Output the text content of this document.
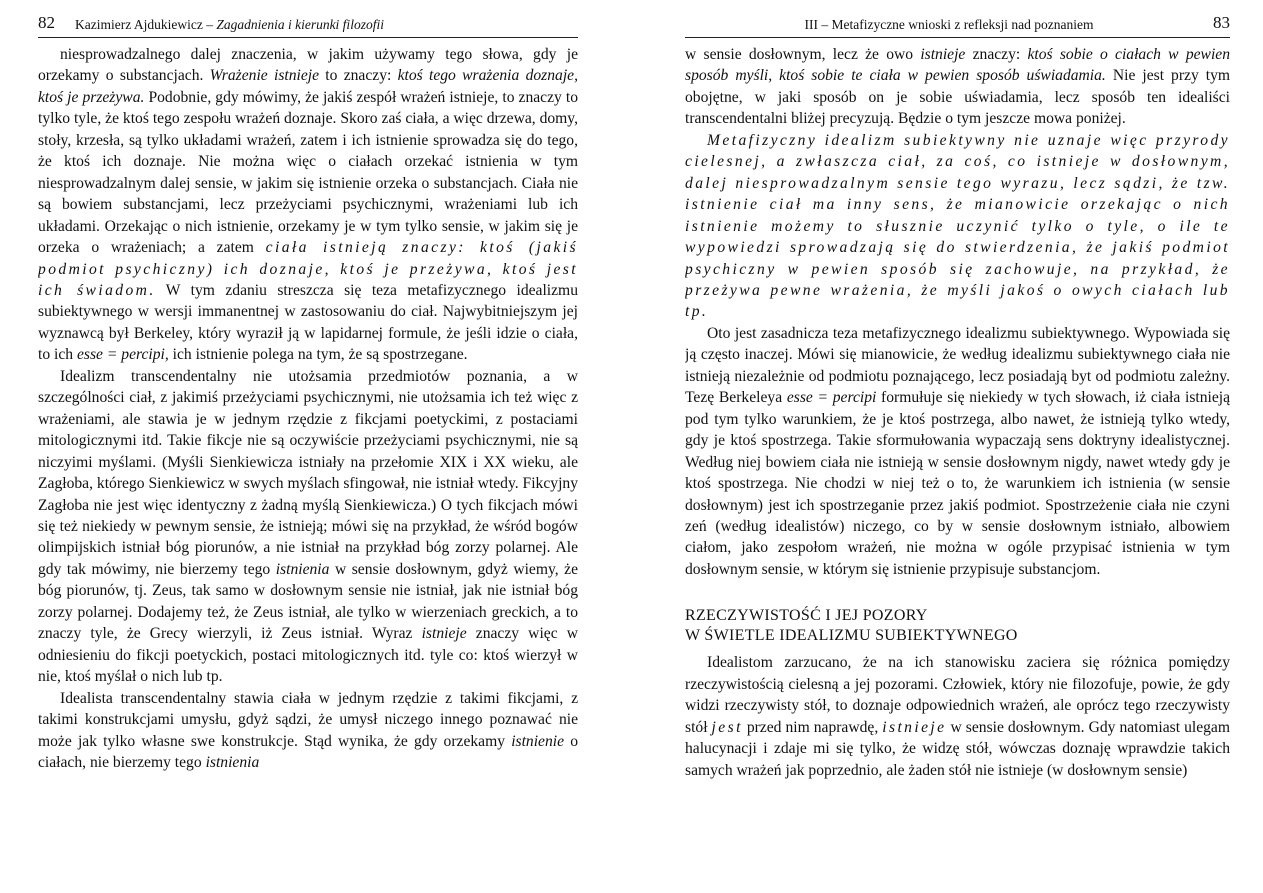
82	Kazimierz Ajdukiewicz – Zagadnienia i kierunki filozofii

niesprowadzalnego dalej znaczenia, w jakim używamy tego słowa, gdy je orzekamy o substancjach. Wrażenie istnieje to znaczy: ktoś tego wrażenia doznaje, ktoś je przeżywa. Podobnie, gdy mówimy, że jakiś zespół wrażeń istnieje, to znaczy to tylko tyle, że ktoś tego zespołu wrażeń doznaje. Skoro zaś ciała, a więc drzewa, domy, stoły, krzesła, są tylko układami wrażeń, zatem i ich istnienie sprowadza się do tego, że ktoś ich doznaje. Nie można więc o ciałach orzekać istnienia w tym niesprowadzalnym dalej sensie, w jakim się istnienie orzeka o substancjach. Ciała nie są bowiem substancjami, lecz przeżyciami psychicznymi, wrażeniami lub ich układami. Orzekając o nich istnienie, orzekamy je w tym tylko sensie, w jakim się je orzeka o wrażeniach; a zatem ciała istnieją znaczy: ktoś (jakiś podmiot psychiczny) ich doznaje, ktoś je przeżywa, ktoś jest ich świadom. W tym zdaniu streszcza się teza metafizycznego idealizmu subiektywnego w wersji immanentnej w zastosowaniu do ciał. Najwybitniejszym jej wyznawcą był Berkeley, który wyraził ją w lapidarnej formule, że jeśli idzie o ciała, to ich esse = percipi, ich istnienie polega na tym, że są spostrzegane.

Idealizm transcendentalny nie utożsamia przedmiotów poznania, a w szczególności ciał, z jakimiś przeżyciami psychicznymi, nie utożsamia ich też więc z wrażeniami, ale stawia je w jednym rzędzie z fikcjami poetyckimi, z postaciami mitologicznymi itd. Takie fikcje nie są oczywiście przeżyciami psychicznymi, nie są niczyimi myślami. (Myśli Sienkiewicza istniały na przełomie XIX i XX wieku, ale Zagłoba, którego Sienkiewicz w swych myślach sfingował, nie istniał wtedy. Fikcyjny Zagłoba nie jest więc identyczny z żadną myślą Sienkiewicza.) O tych fikcjach mówi się też niekiedy w pewnym sensie, że istnieją; mówi się na przykład, że wśród bogów olimpijskich istniał bóg piorunów, a nie istniał na przykład bóg zorzy polarnej. Ale gdy tak mówimy, nie bierzemy tego istnienia w sensie dosłownym, gdyż wiemy, że bóg piorunów, tj. Zeus, tak samo w dosłownym sensie nie istniał, jak nie istniał bóg zorzy polarnej. Dodajemy też, że Zeus istniał, ale tylko w wierzeniach greckich, a to znaczy tyle, że Grecy wierzyli, iż Zeus istniał. Wyraz istnieje znaczy więc w odniesieniu do fikcji poetyckich, postaci mitologicznych itd. tyle co: ktoś wierzył w nie, ktoś myślał o nich lub tp.

Idealista transcendentalny stawia ciała w jednym rzędzie z takimi fikcjami, z takimi konstrukcjami umysłu, gdyż sądzi, że umysł niczego innego poznawać nie może jak tylko własne swe konstrukcje. Stąd wynika, że gdy orzekamy istnienie o ciałach, nie bierzemy tego istnienia

III – Metafizyczne wnioski z refleksji nad poznaniem	83

w sensie dosłownym, lecz że owo istnieje znaczy: ktoś sobie o ciałach w pewien sposób myśli, ktoś sobie te ciała w pewien sposób uświadamia. Nie jest przy tym obojętne, w jaki sposób on je sobie uświadamia, lecz sposób ten idealiści transcendentalni bliżej precyzują. Będzie o tym jeszcze mowa poniżej.

Metafizyczny idealizm subiektywny nie uznaje więc przyrody cielesnej, a zwłaszcza ciał, za coś, co istnieje w dosłownym, dalej niesprowadzalnym sensie tego wyrazu, lecz sądzi, że tzw. istnienie ciał ma inny sens, że mianowicie orzekając o nich istnienie możemy to słusznie uczynić tylko o tyle, o ile te wypowiedzi sprowadzają się do stwierdzenia, że jakiś podmiot psychiczny w pewien sposób się zachowuje, na przykład, że przeżywa pewne wrażenia, że myśli jakoś o owych ciałach lub tp.

Oto jest zasadnicza teza metafizycznego idealizmu subiektywnego. Wypowiada się ją często inaczej. Mówi się mianowicie, że według idealizmu subiektywnego ciała nie istnieją niezależnie od podmiotu poznającego, lecz posiadają byt od podmiotu zależny. Tezę Berkeleya esse = percipi formułuje się niekiedy w tych słowach, iż ciała istnieją pod tym tylko warunkiem, że je ktoś postrzega, albo nawet, że istnieją tylko wtedy, gdy je ktoś spostrzega. Takie sformułowania wypaczają sens doktryny idealistycznej. Według niej bowiem ciała nie istnieją w sensie dosłownym nigdy, nawet wtedy gdy je ktoś spostrzega. Nie chodzi w niej też o to, że warunkiem ich istnienia (w sensie dosłownym) jest ich spostrzeganie przez jakiś podmiot. Spostrzeżenie ciała nie czyni zeń (według idealistów) niczego, co by w sensie dosłownym istniało, albowiem ciałom, jako zespołom wrażeń, nie można w ogóle przypisać istnienia w tym dosłownym sensie, w którym się istnienie przypisuje substancjom.

RZECZYWISTOŚĆ I JEJ POZORY
W ŚWIETLE IDEALIZMU SUBIEKTYWNEGO

Idealistom zarzucano, że na ich stanowisku zaciera się różnica pomiędzy rzeczywistością cielesną a jej pozorami. Człowiek, który nie filozofuje, powie, że gdy widzi rzeczywisty stół, to doznaje odpowiednich wrażeń, ale oprócz tego rzeczywisty stół jest przed nim naprawdę, istnieje w sensie dosłownym. Gdy natomiast ulegam halucynacji i zdaje mi się tylko, że widzę stół, wówczas doznaję wprawdzie takich samych wrażeń jak poprzednio, ale żaden stół nie istnieje (w dosłownym sensie)
